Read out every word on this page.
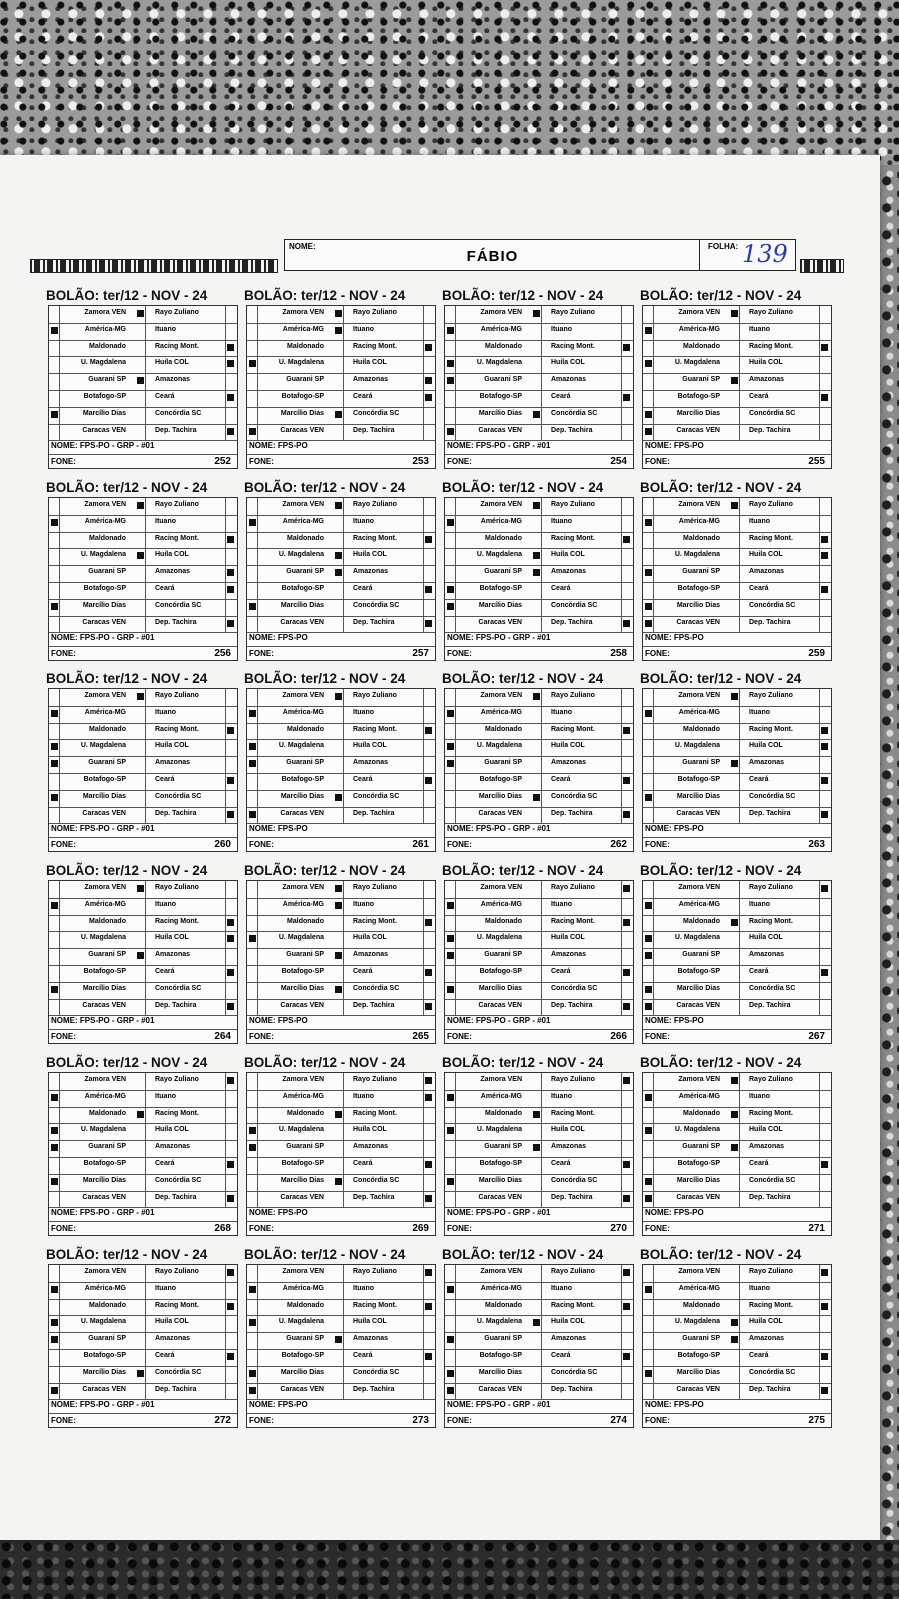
NOME:
FÁBIO
FOLHA: 139
BOLÃO: ter/12 - NOV - 24
Zamora VEN	Rayo Zuliano
América-MG	Ituano
Maldonado	Racing Mont.
U. Magdalena	Huila COL
Guarani SP	Amazonas
Botafogo-SP	Ceará
Marcílio Dias	Concórdia SC
Caracas VEN	Dep. Tachira
NOME: FPS-PO - GRP - #01
FONE:	252
BOLÃO: ter/12 - NOV - 24
Zamora VEN	Rayo Zuliano
América-MG	Ituano
Maldonado	Racing Mont.
U. Magdalena	Huila COL
Guarani SP	Amazonas
Botafogo-SP	Ceará
Marcílio Dias	Concórdia SC
Caracas VEN	Dep. Tachira
NOME: FPS-PO
FONE:	253
BOLÃO: ter/12 - NOV - 24
Zamora VEN	Rayo Zuliano
América-MG	Ituano
Maldonado	Racing Mont.
U. Magdalena	Huila COL
Guarani SP	Amazonas
Botafogo-SP	Ceará
Marcílio Dias	Concórdia SC
Caracas VEN	Dep. Tachira
NOME: FPS-PO - GRP - #01
FONE:	254
BOLÃO: ter/12 - NOV - 24
Zamora VEN	Rayo Zuliano
América-MG	Ituano
Maldonado	Racing Mont.
U. Magdalena	Huila COL
Guarani SP	Amazonas
Botafogo-SP	Ceará
Marcílio Dias	Concórdia SC
Caracas VEN	Dep. Tachira
NOME: FPS-PO
FONE:	255
BOLÃO: ter/12 - NOV - 24
Zamora VEN	Rayo Zuliano
América-MG	Ituano
Maldonado	Racing Mont.
U. Magdalena	Huila COL
Guarani SP	Amazonas
Botafogo-SP	Ceará
Marcílio Dias	Concórdia SC
Caracas VEN	Dep. Tachira
NOME: FPS-PO - GRP - #01
FONE:	256
BOLÃO: ter/12 - NOV - 24
Zamora VEN	Rayo Zuliano
América-MG	Ituano
Maldonado	Racing Mont.
U. Magdalena	Huila COL
Guarani SP	Amazonas
Botafogo-SP	Ceará
Marcílio Dias	Concórdia SC
Caracas VEN	Dep. Tachira
NOME: FPS-PO
FONE:	257
BOLÃO: ter/12 - NOV - 24
Zamora VEN	Rayo Zuliano
América-MG	Ituano
Maldonado	Racing Mont.
U. Magdalena	Huila COL
Guarani SP	Amazonas
Botafogo-SP	Ceará
Marcílio Dias	Concórdia SC
Caracas VEN	Dep. Tachira
NOME: FPS-PO - GRP - #01
FONE:	258
BOLÃO: ter/12 - NOV - 24
Zamora VEN	Rayo Zuliano
América-MG	Ituano
Maldonado	Racing Mont.
U. Magdalena	Huila COL
Guarani SP	Amazonas
Botafogo-SP	Ceará
Marcílio Dias	Concórdia SC
Caracas VEN	Dep. Tachira
NOME: FPS-PO
FONE:	259
BOLÃO: ter/12 - NOV - 24
Zamora VEN	Rayo Zuliano
América-MG	Ituano
Maldonado	Racing Mont.
U. Magdalena	Huila COL
Guarani SP	Amazonas
Botafogo-SP	Ceará
Marcílio Dias	Concórdia SC
Caracas VEN	Dep. Tachira
NOME: FPS-PO - GRP - #01
FONE:	260
BOLÃO: ter/12 - NOV - 24
Zamora VEN	Rayo Zuliano
América-MG	Ituano
Maldonado	Racing Mont.
U. Magdalena	Huila COL
Guarani SP	Amazonas
Botafogo-SP	Ceará
Marcílio Dias	Concórdia SC
Caracas VEN	Dep. Tachira
NOME: FPS-PO
FONE:	261
BOLÃO: ter/12 - NOV - 24
Zamora VEN	Rayo Zuliano
América-MG	Ituano
Maldonado	Racing Mont.
U. Magdalena	Huila COL
Guarani SP	Amazonas
Botafogo-SP	Ceará
Marcílio Dias	Concórdia SC
Caracas VEN	Dep. Tachira
NOME: FPS-PO - GRP - #01
FONE:	262
BOLÃO: ter/12 - NOV - 24
Zamora VEN	Rayo Zuliano
América-MG	Ituano
Maldonado	Racing Mont.
U. Magdalena	Huila COL
Guarani SP	Amazonas
Botafogo-SP	Ceará
Marcílio Dias	Concórdia SC
Caracas VEN	Dep. Tachira
NOME: FPS-PO
FONE:	263
BOLÃO: ter/12 - NOV - 24
Zamora VEN	Rayo Zuliano
América-MG	Ituano
Maldonado	Racing Mont.
U. Magdalena	Huila COL
Guarani SP	Amazonas
Botafogo-SP	Ceará
Marcílio Dias	Concórdia SC
Caracas VEN	Dep. Tachira
NOME: FPS-PO - GRP - #01
FONE:	264
BOLÃO: ter/12 - NOV - 24
Zamora VEN	Rayo Zuliano
América-MG	Ituano
Maldonado	Racing Mont.
U. Magdalena	Huila COL
Guarani SP	Amazonas
Botafogo-SP	Ceará
Marcílio Dias	Concórdia SC
Caracas VEN	Dep. Tachira
NOME: FPS-PO
FONE:	265
BOLÃO: ter/12 - NOV - 24
Zamora VEN	Rayo Zuliano
América-MG	Ituano
Maldonado	Racing Mont.
U. Magdalena	Huila COL
Guarani SP	Amazonas
Botafogo-SP	Ceará
Marcílio Dias	Concórdia SC
Caracas VEN	Dep. Tachira
NOME: FPS-PO - GRP - #01
FONE:	266
BOLÃO: ter/12 - NOV - 24
Zamora VEN	Rayo Zuliano
América-MG	Ituano
Maldonado	Racing Mont.
U. Magdalena	Huila COL
Guarani SP	Amazonas
Botafogo-SP	Ceará
Marcílio Dias	Concórdia SC
Caracas VEN	Dep. Tachira
NOME: FPS-PO
FONE:	267
BOLÃO: ter/12 - NOV - 24
Zamora VEN	Rayo Zuliano
América-MG	Ituano
Maldonado	Racing Mont.
U. Magdalena	Huila COL
Guarani SP	Amazonas
Botafogo-SP	Ceará
Marcílio Dias	Concórdia SC
Caracas VEN	Dep. Tachira
NOME: FPS-PO - GRP - #01
FONE:	268
BOLÃO: ter/12 - NOV - 24
Zamora VEN	Rayo Zuliano
América-MG	Ituano
Maldonado	Racing Mont.
U. Magdalena	Huila COL
Guarani SP	Amazonas
Botafogo-SP	Ceará
Marcílio Dias	Concórdia SC
Caracas VEN	Dep. Tachira
NOME: FPS-PO
FONE:	269
BOLÃO: ter/12 - NOV - 24
Zamora VEN	Rayo Zuliano
América-MG	Ituano
Maldonado	Racing Mont.
U. Magdalena	Huila COL
Guarani SP	Amazonas
Botafogo-SP	Ceará
Marcílio Dias	Concórdia SC
Caracas VEN	Dep. Tachira
NOME: FPS-PO - GRP - #01
FONE:	270
BOLÃO: ter/12 - NOV - 24
Zamora VEN	Rayo Zuliano
América-MG	Ituano
Maldonado	Racing Mont.
U. Magdalena	Huila COL
Guarani SP	Amazonas
Botafogo-SP	Ceará
Marcílio Dias	Concórdia SC
Caracas VEN	Dep. Tachira
NOME: FPS-PO
FONE:	271
BOLÃO: ter/12 - NOV - 24
Zamora VEN	Rayo Zuliano
América-MG	Ituano
Maldonado	Racing Mont.
U. Magdalena	Huila COL
Guarani SP	Amazonas
Botafogo-SP	Ceará
Marcílio Dias	Concórdia SC
Caracas VEN	Dep. Tachira
NOME: FPS-PO - GRP - #01
FONE:	272
BOLÃO: ter/12 - NOV - 24
Zamora VEN	Rayo Zuliano
América-MG	Ituano
Maldonado	Racing Mont.
U. Magdalena	Huila COL
Guarani SP	Amazonas
Botafogo-SP	Ceará
Marcílio Dias	Concórdia SC
Caracas VEN	Dep. Tachira
NOME: FPS-PO
FONE:	273
BOLÃO: ter/12 - NOV - 24
Zamora VEN	Rayo Zuliano
América-MG	Ituano
Maldonado	Racing Mont.
U. Magdalena	Huila COL
Guarani SP	Amazonas
Botafogo-SP	Ceará
Marcílio Dias	Concórdia SC
Caracas VEN	Dep. Tachira
NOME: FPS-PO - GRP - #01
FONE:	274
BOLÃO: ter/12 - NOV - 24
Zamora VEN	Rayo Zuliano
América-MG	Ituano
Maldonado	Racing Mont.
U. Magdalena	Huila COL
Guarani SP	Amazonas
Botafogo-SP	Ceará
Marcílio Dias	Concórdia SC
Caracas VEN	Dep. Tachira
NOME: FPS-PO
FONE:	275
